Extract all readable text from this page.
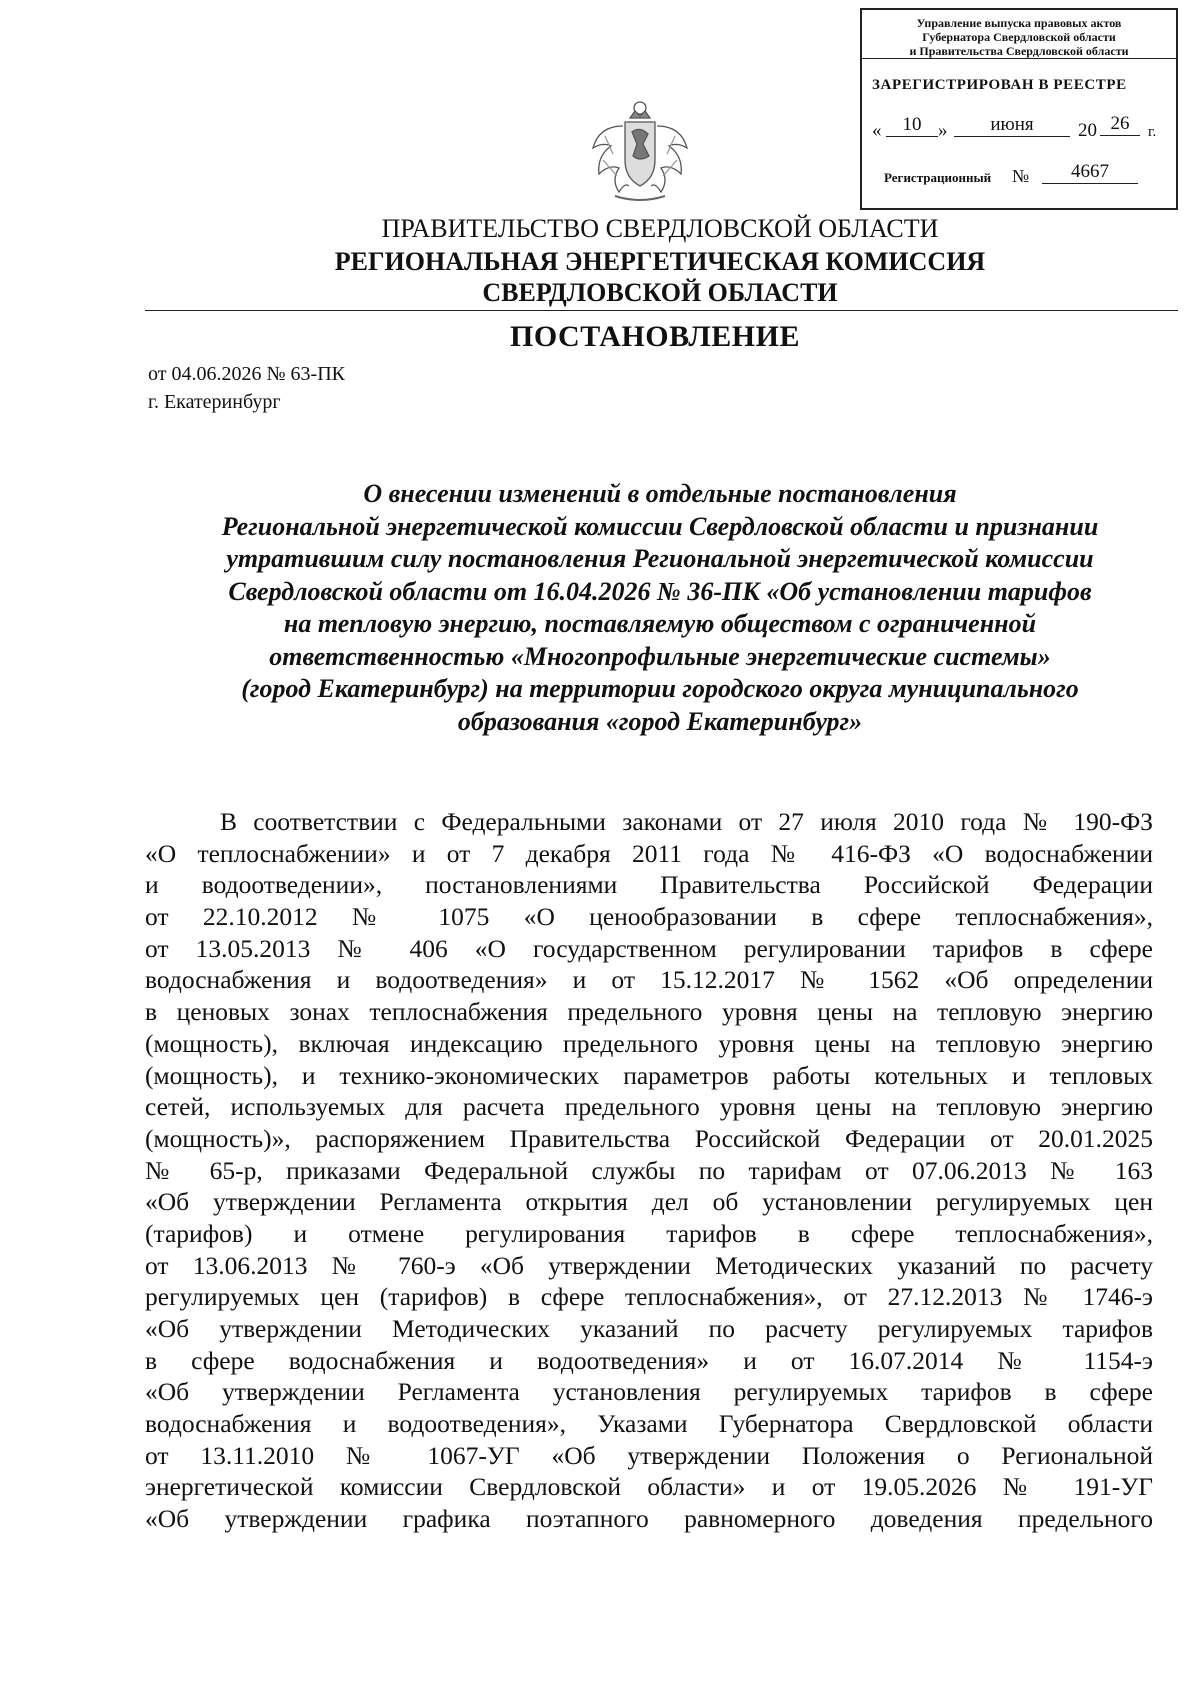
Управление выпуска правовых актов
Губернатора Свердловской области
и Правительства Свердловской области
ЗАРЕГИСТРИРОВАН В РЕЕСТРЕ
«	10 »	июня	20 26	г.
Регистрационный №	4667
ПРАВИТЕЛЬСТВО СВЕРДЛОВСКОЙ ОБЛАСТИ
РЕГИОНАЛЬНАЯ ЭНЕРГЕТИЧЕСКАЯ КОМИССИЯ
СВЕРДЛОВСКОЙ ОБЛАСТИ
ПОСТАНОВЛЕНИЕ
от 04.06.2026 № 63-ПК
г. Екатеринбург
О внесении изменений в отдельные постановления
Региональной энергетической комиссии Свердловской области и признании
утратившим силу постановления Региональной энергетической комиссии
Свердловской области от 16.04.2026 № 36-ПК «Об установлении тарифов
на тепловую энергию, поставляемую обществом с ограниченной
ответственностью «Многопрофильные энергетические системы»
(город Екатеринбург) на территории городского округа муниципального
образования «город Екатеринбург»
В соответствии с Федеральными законами от 27 июля 2010 года № 190-ФЗ
«О теплоснабжении» и от 7 декабря 2011 года № 416-ФЗ «О водоснабжении
и водоотведении», постановлениями Правительства Российской Федерации
от 22.10.2012 № 1075 «О ценообразовании в сфере теплоснабжения»,
от 13.05.2013 № 406 «О государственном регулировании тарифов в сфере
водоснабжения и водоотведения» и от 15.12.2017 № 1562 «Об определении
в ценовых зонах теплоснабжения предельного уровня цены на тепловую энергию
(мощность), включая индексацию предельного уровня цены на тепловую энергию
(мощность), и технико-экономических параметров работы котельных и тепловых
сетей, используемых для расчета предельного уровня цены на тепловую энергию
(мощность)», распоряжением Правительства Российской Федерации от 20.01.2025
№ 65-р, приказами Федеральной службы по тарифам от 07.06.2013 № 163
«Об утверждении Регламента открытия дел об установлении регулируемых цен
(тарифов) и отмене регулирования тарифов в сфере теплоснабжения»,
от 13.06.2013 № 760-э «Об утверждении Методических указаний по расчету
регулируемых цен (тарифов) в сфере теплоснабжения», от 27.12.2013 № 1746-э
«Об утверждении Методических указаний по расчету регулируемых тарифов
в сфере водоснабжения и водоотведения» и от 16.07.2014 № 1154-э
«Об утверждении Регламента установления регулируемых тарифов в сфере
водоснабжения и водоотведения», Указами Губернатора Свердловской области
от 13.11.2010 № 1067-УГ «Об утверждении Положения о Региональной
энергетической комиссии Свердловской области» и от 19.05.2026 № 191-УГ
«Об утверждении графика поэтапного равномерного доведения предельного
